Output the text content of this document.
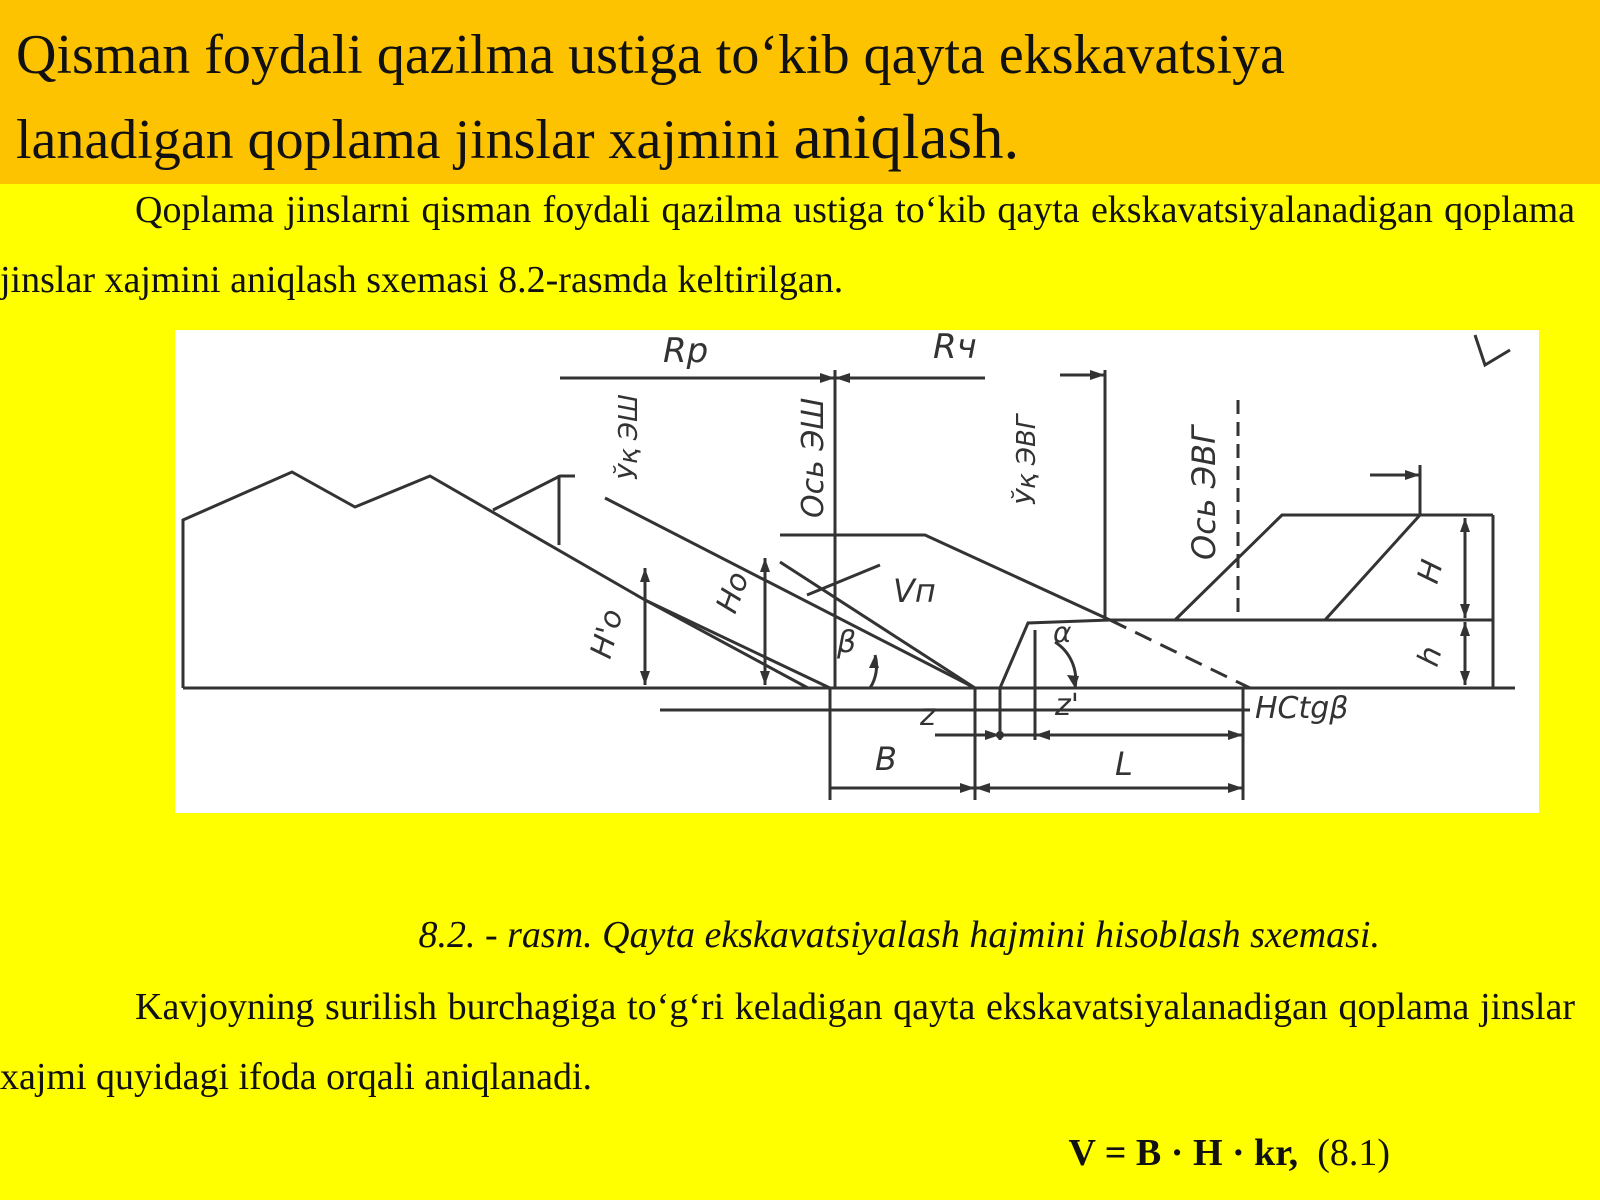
Qisman foydali qazilma ustiga to‘kib qayta ekskavatsiya
lanadigan qoplama jinslar xajmini aniqlash.

Qoplama jinslarni qisman foydali qazilma ustiga to‘kib qayta ekskavatsiyalanadigan qoplama jinslar xajmini aniqlash sxemasi 8.2-rasmda keltirilgan.

Rр	Rч
Ўқ ЭШ	Ось ЭШ	Ўқ ЭВГ	Ось ЭВГ
H'о
Hо	Vп
β	α
H
h
z	z'	HCtgβ
B	L

8.2. - rasm. Qayta ekskavatsiyalash hajmini hisoblash sxemasi.

Kavjoyning surilish burchagiga to‘g‘ri keladigan qayta ekskavatsiyalanadigan qoplama jinslar xajmi quyidagi ifoda orqali aniqlanadi.

V = B · H · kr, (8.1)
